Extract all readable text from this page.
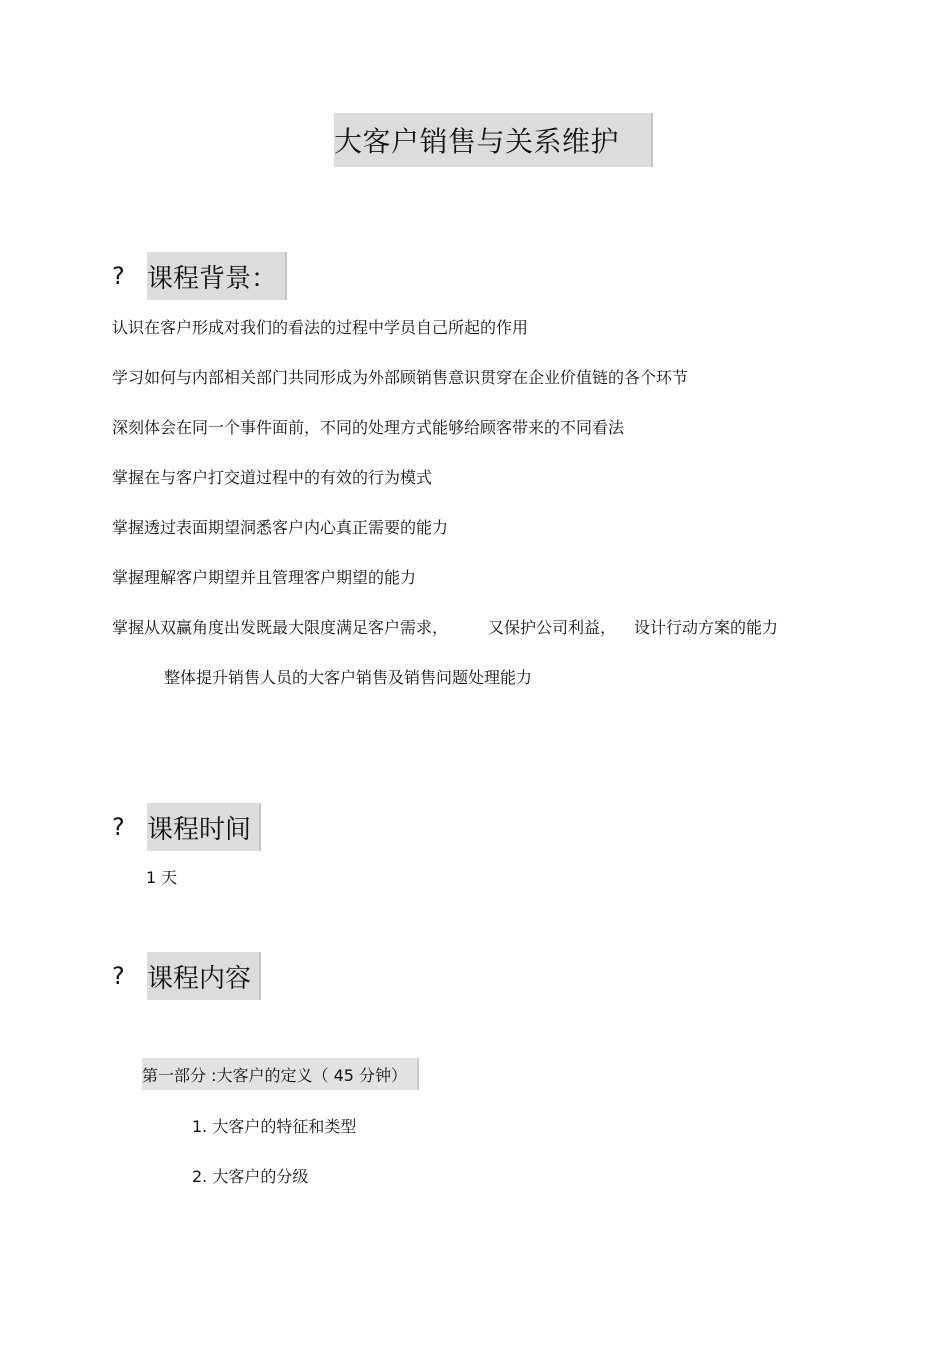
大客户销售与关系维护
? 课程背景：
认识在客户形成对我们的看法的过程中学员自己所起的作用
学习如何与内部相关部门共同形成为外部顾销售意识贯穿在企业价值链的各个环节
深刻体会在同一个事件面前，不同的处理方式能够给顾客带来的不同看法
掌握在与客户打交道过程中的有效的行为模式
掌握透过表面期望洞悉客户内心真正需要的能力
掌握理解客户期望并且管理客户期望的能力
掌握从双赢角度出发既最大限度满足客户需求，	又保护公司利益， 设计行动方案的能力
整体提升销售人员的大客户销售及销售问题处理能力
? 课程时间
1 天
? 课程内容
第一部分 :大客户的定义（ 45 分钟）
1. 大客户的特征和类型
2. 大客户的分级
